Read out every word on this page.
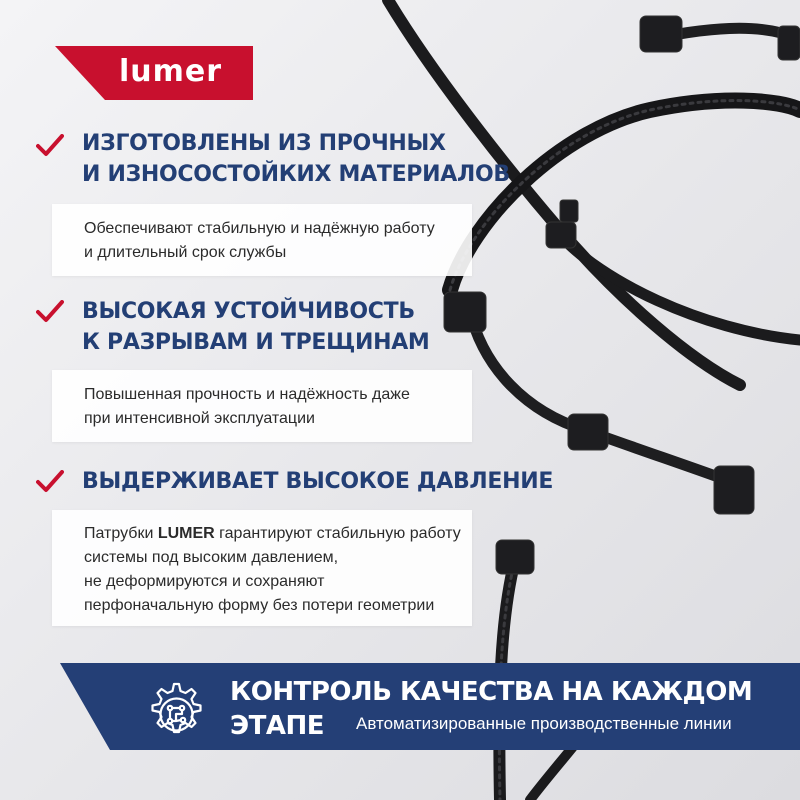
lumer
ИЗГОТОВЛЕНЫ ИЗ ПРОЧНЫХ
И ИЗНОСОСТОЙКИХ МАТЕРИАЛОВ
Обеспечивают стабильную и надёжную работу
и длительный срок службы
ВЫСОКАЯ УСТОЙЧИВОСТЬ
К РАЗРЫВАМ И ТРЕЩИНАМ
Повышенная прочность и надёжность даже
при интенсивной эксплуатации
ВЫДЕРЖИВАЕТ ВЫСОКОЕ ДАВЛЕНИЕ
Патрубки LUMER гарантируют стабильную работу
системы под высоким давлением,
не деформируются и сохраняют
перфоначальную форму без потери геометрии
КОНТРОЛЬ КАЧЕСТВА НА КАЖДОМ ЭТАПЕ	Автоматизированные производственные линии
